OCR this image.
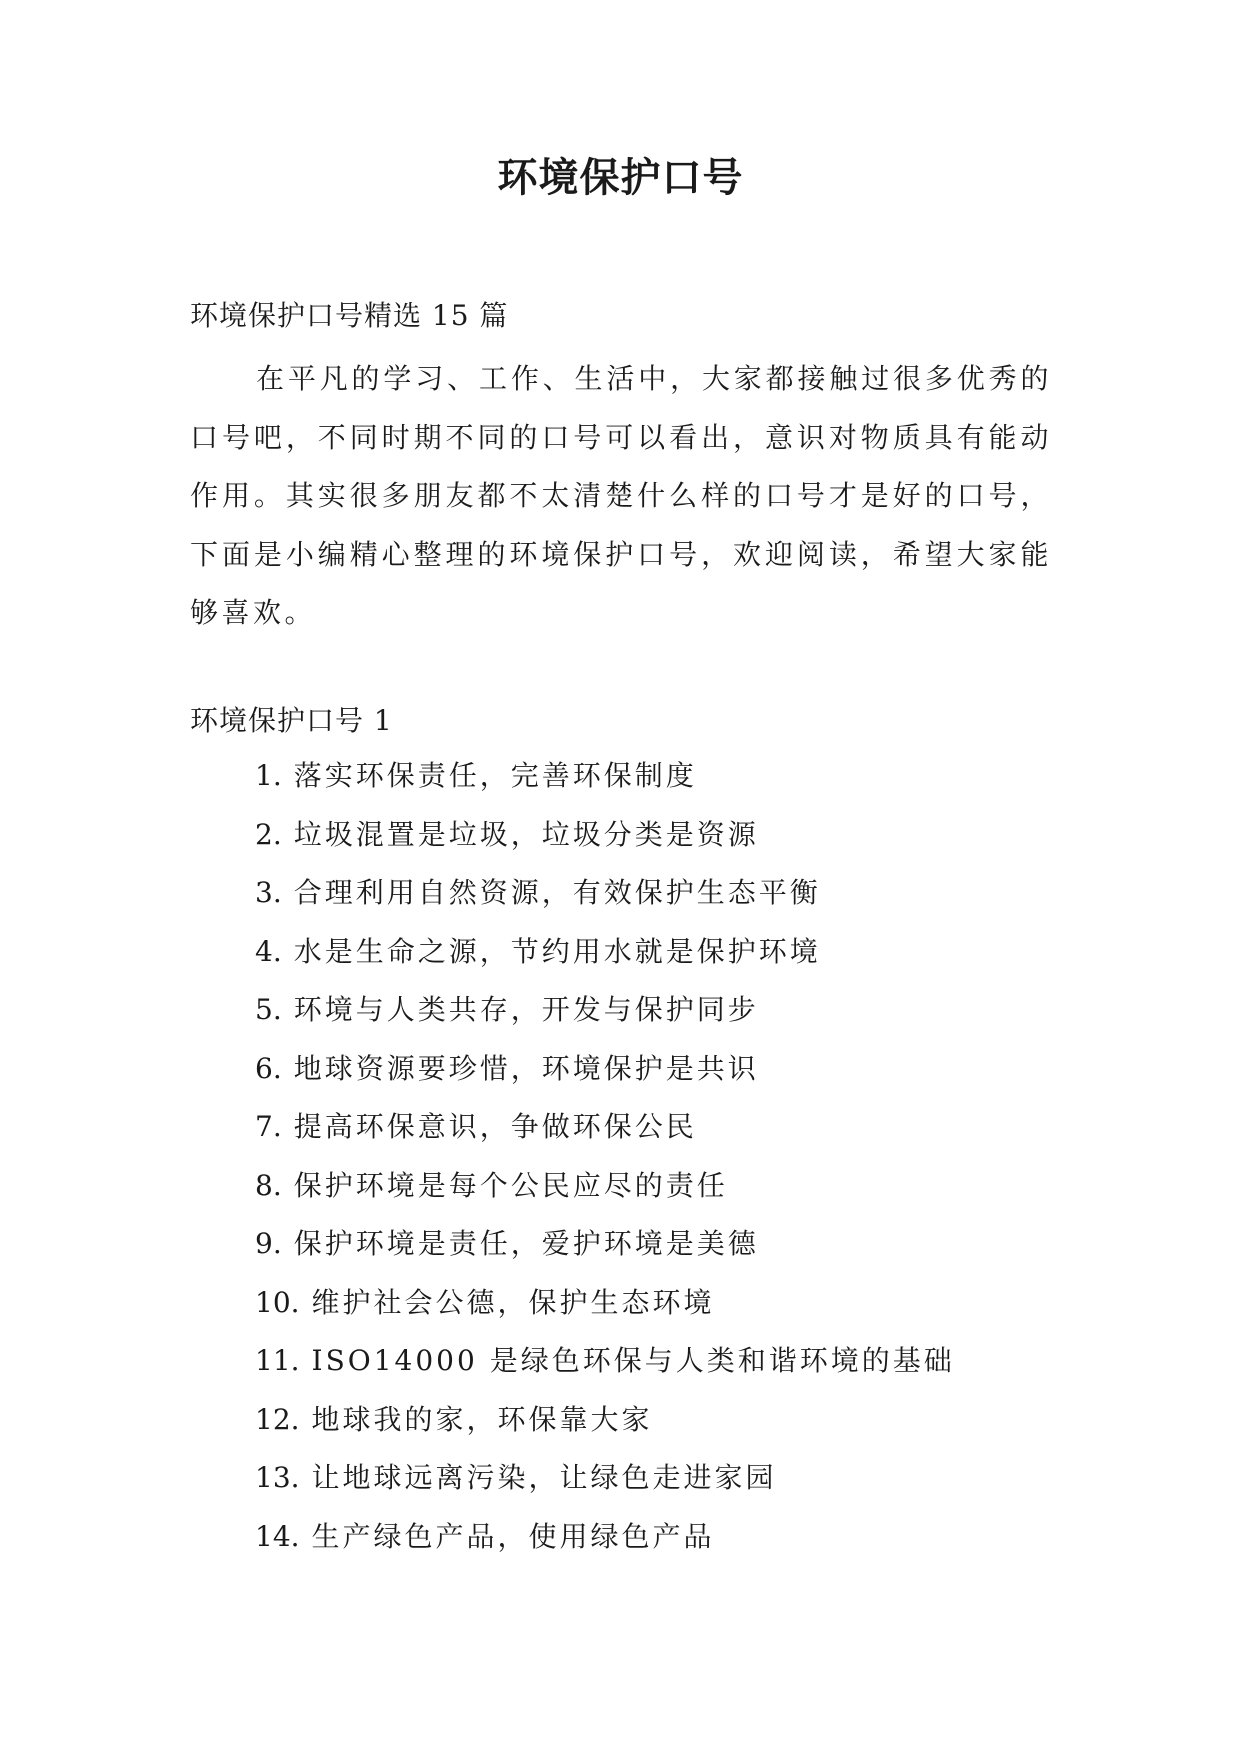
环境保护口号
环境保护口号精选 15 篇
在平凡的学习、工作、生活中，大家都接触过很多优秀的口号吧，不同时期不同的口号可以看出，意识对物质具有能动作用。其实很多朋友都不太清楚什么样的口号才是好的口号，下面是小编精心整理的环境保护口号，欢迎阅读，希望大家能够喜欢。
环境保护口号 1
1. 落实环保责任，完善环保制度
2. 垃圾混置是垃圾，垃圾分类是资源
3. 合理利用自然资源，有效保护生态平衡
4. 水是生命之源，节约用水就是保护环境
5. 环境与人类共存，开发与保护同步
6. 地球资源要珍惜，环境保护是共识
7. 提高环保意识，争做环保公民
8. 保护环境是每个公民应尽的责任
9. 保护环境是责任，爱护环境是美德
10. 维护社会公德，保护生态环境
11. ISO14000 是绿色环保与人类和谐环境的基础
12. 地球我的家，环保靠大家
13. 让地球远离污染，让绿色走进家园
14. 生产绿色产品，使用绿色产品
